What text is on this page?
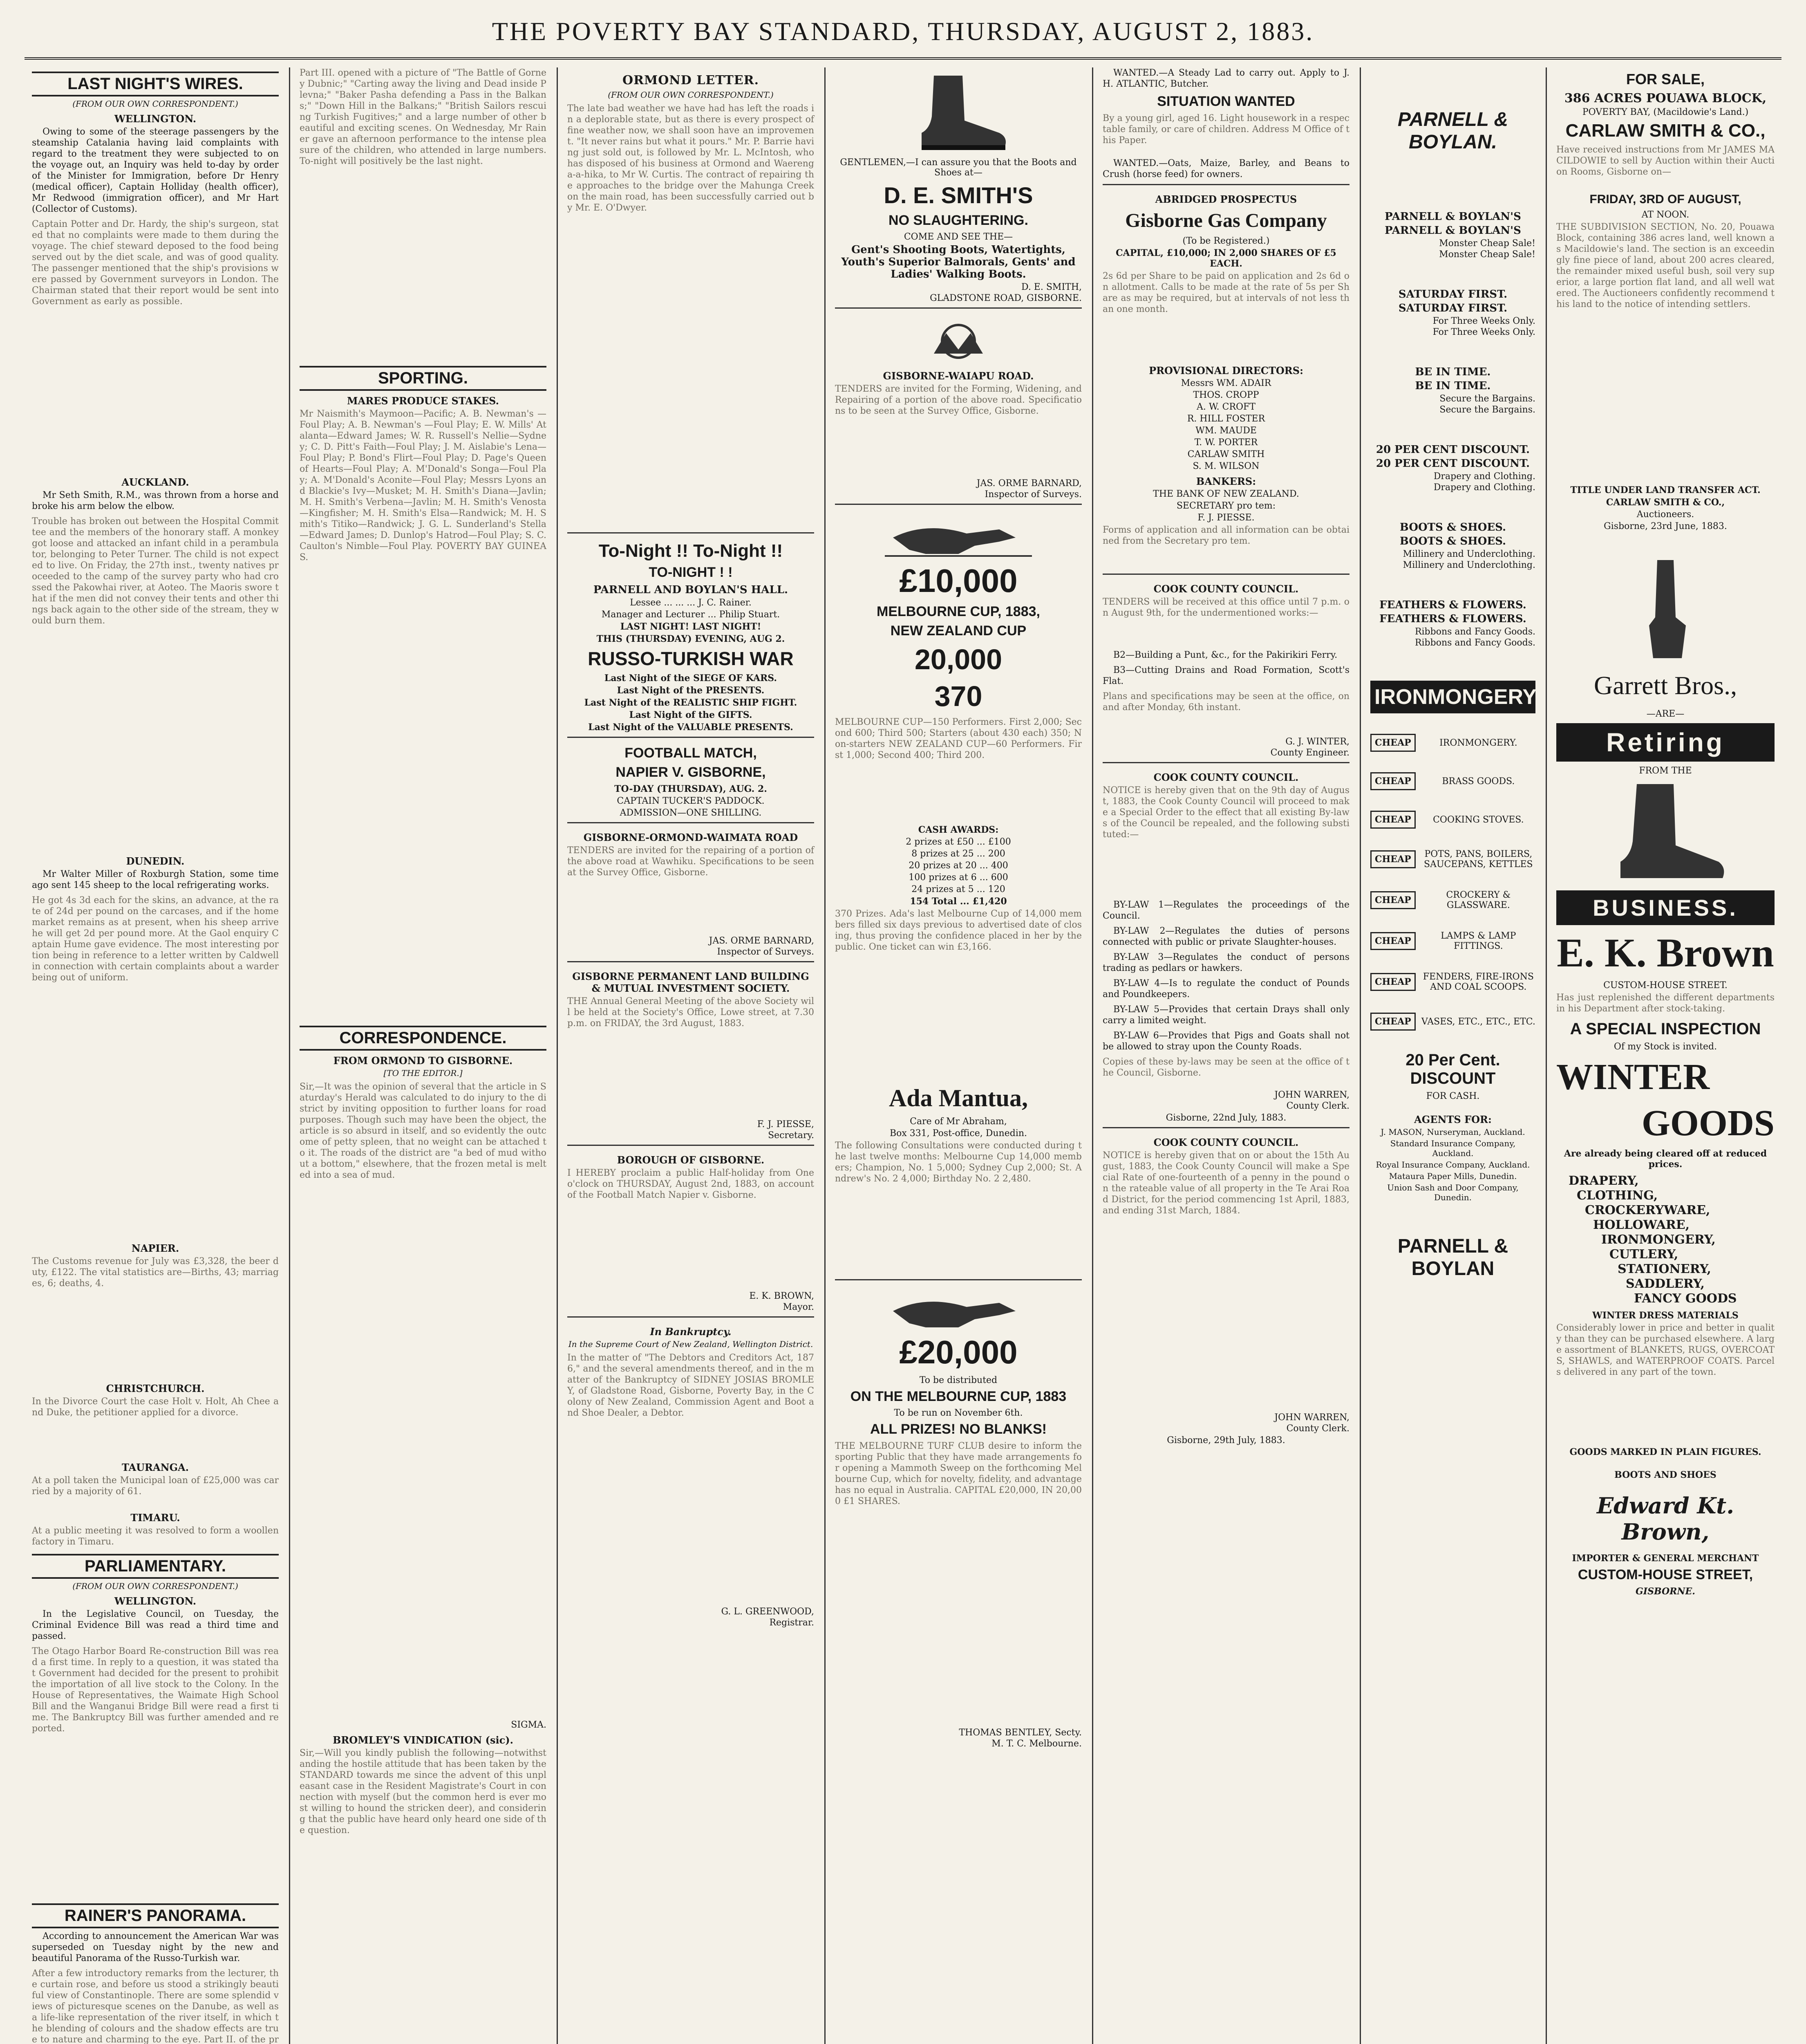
THE POVERTY BAY STANDARD, THURSDAY, AUGUST 2, 1883.
LAST NIGHT'S WIRES.
(FROM OUR OWN CORRESPONDENT.)
WELLINGTON.

Owing to some of the steerage passengers by the steamship Catalania having laid complaints with regard to the treatment they were subjected to on the voyage out, an Inquiry was held to-day by order of the Minister for Immigration, before Dr Henry (medical officer), Captain Holliday (health officer), Mr Redwood (immigration officer), and Mr Hart (Collector of Customs).

Captain Potter and Dr. Hardy, the ship's surgeon, stated that no complaints were made to them during the voyage. The chief steward deposed to the food being served out by the diet scale, and was of good quality. The passenger mentioned that the ship's provisions were passed by Government surveyors in London. The Chairman stated that their report would be sent into Government as early as possible.
AUCKLAND.

Mr Seth Smith, R.M., was thrown from a horse and broke his arm below the elbow.

Trouble has broken out between the Hospital Committee and the members of the honorary staff. A monkey got loose and attacked an infant child in a perambulator, belonging to Peter Turner. The child is not expected to live. On Friday, the 27th inst., twenty natives proceeded to the camp of the survey party who had crossed the Pakowhai river, at Aoteo. The Maoris swore that if the men did not convey their tents and other things back again to the other side of the stream, they would burn them.
DUNEDIN.

Mr Walter Miller of Roxburgh Station, some time ago sent 145 sheep to the local refrigerating works.

He got 4s 3d each for the skins, an advance, at the rate of 24d per pound on the carcases, and if the home market remains as at present, when his sheep arrive he will get 2d per pound more. At the Gaol enquiry Captain Hume gave evidence. The most interesting portion being in reference to a letter written by Caldwell in connection with certain complaints about a warder being out of uniform.
NAPIER.
The Customs revenue for July was £3,328, the beer duty, £122. The vital statistics are—Births, 43; marriages, 6; deaths, 4.
CHRISTCHURCH.
In the Divorce Court the case Holt v. Holt, Ah Chee and Duke, the petitioner applied for a divorce.
TAURANGA.
At a poll taken the Municipal loan of £25,000 was carried by a majority of 61.
TIMARU.
At a public meeting it was resolved to form a woollen factory in Timaru.
PARLIAMENTARY.
(FROM OUR OWN CORRESPONDENT.)
WELLINGTON.

In the Legislative Council, on Tuesday, the Criminal Evidence Bill was read a third time and passed.

The Otago Harbor Board Re-construction Bill was read a first time. In reply to a question, it was stated that Government had decided for the present to prohibit the importation of all live stock to the Colony. In the House of Representatives, the Waimate High School Bill and the Wanganui Bridge Bill were read a first time. The Bankruptcy Bill was further amended and reported.
RAINER'S PANORAMA.

According to announcement the American War was superseded on Tuesday night by the new and beautiful Panorama of the Russo-Turkish war.

After a few introductory remarks from the lecturer, the curtain rose, and before us stood a strikingly beautiful view of Constantinople. There are some splendid views of picturesque scenes on the Danube, as well as a life-like representation of the river itself, in which the blending of colours and the shadow effects are true to nature and charming to the eye. Part II. of the pr
Part III. opened with a picture of "The Battle of Gorney Dubnic;" "Carting away the living and Dead inside Plevna;" "Baker Pasha defending a Pass in the Balkans;" "Down Hill in the Balkans;" "British Sailors rescuing Turkish Fugitives;" and a large number of other beautiful and exciting scenes. On Wednesday, Mr Rainer gave an afternoon performance to the intense pleasure of the children, who attended in large numbers. To-night will positively be the last night.
SPORTING.
MARES PRODUCE STAKES.
Mr Naismith's Maymoon—Pacific; A. B. Newman's —Foul Play; A. B. Newman's —Foul Play; E. W. Mills' Atalanta—Edward James; W. R. Russell's Nellie—Sydney; C. D. Pitt's Faith—Foul Play; J. M. Aislabie's Lena—Foul Play; P. Bond's Flirt—Foul Play; D. Page's Queen of Hearts—Foul Play; A. M'Donald's Songa—Foul Play; A. M'Donald's Aconite—Foul Play; Messrs Lyons and Blackie's Ivy—Musket; M. H. Smith's Diana—Javlin; M. H. Smith's Verbena—Javlin; M. H. Smith's Venosta—Kingfisher; M. H. Smith's Elsa—Randwick; M. H. Smith's Titiko—Randwick; J. G. L. Sunderland's Stella—Edward James; D. Dunlop's Hatrod—Foul Play; S. C. Caulton's Nimble—Foul Play. POVERTY BAY GUINEAS.
CORRESPONDENCE.
FROM ORMOND TO GISBORNE.
[TO THE EDITOR.]
Sir,—It was the opinion of several that the article in Saturday's Herald was calculated to do injury to the district by inviting opposition to further loans for road purposes. Though such may have been the object, the article is so absurd in itself, and so evidently the outcome of petty spleen, that no weight can be attached to it. The roads of the district are "a bed of mud without a bottom," elsewhere, that the frozen metal is melted into a sea of mud.
SIGMA.
BROMLEY'S VINDICATION (sic).
Sir,—Will you kindly publish the following—notwithstanding the hostile attitude that has been taken by the STANDARD towards me since the advent of this unpleasant case in the Resident Magistrate's Court in connection with myself (but the common herd is ever most willing to hound the stricken deer), and considering that the public have heard only heard one side of the question.
ORMOND LETTER.
(FROM OUR OWN CORRESPONDENT.)
The late bad weather we have had has left the roads in a deplorable state, but as there is every prospect of fine weather now, we shall soon have an improvement. "It never rains but what it pours." Mr. P. Barrie having just sold out, is followed by Mr. L. McIntosh, who has disposed of his business at Ormond and Waerenga-a-hika, to Mr W. Curtis. The contract of repairing the approaches to the bridge over the Mahunga Creek on the main road, has been successfully carried out by Mr. E. O'Dwyer.
To-Night !! To-Night !!
TO-NIGHT ! !
PARNELL AND BOYLAN'S HALL.
Lessee ... ... ... J. C. Rainer.
Manager and Lecturer ... Philip Stuart.
LAST NIGHT! LAST NIGHT!
THIS (THURSDAY) EVENING, AUG 2.
RUSSO-TURKISH WAR
Last Night of the SIEGE OF KARS.
Last Night of the PRESENTS.
Last Night of the REALISTIC SHIP FIGHT.
Last Night of the GIFTS.
Last Night of the VALUABLE PRESENTS.
FOOTBALL MATCH,
NAPIER V. GISBORNE,
TO-DAY (THURSDAY), AUG. 2.
CAPTAIN TUCKER'S PADDOCK.
ADMISSION—ONE SHILLING.
GISBORNE-ORMOND-WAIMATA ROAD
TENDERS are invited for the repairing of a portion of the above road at Wawhiku. Specifications to be seen at the Survey Office, Gisborne.
JAS. ORME BARNARD,
Inspector of Surveys.
GISBORNE PERMANENT LAND BUILDING & MUTUAL INVESTMENT SOCIETY.
THE Annual General Meeting of the above Society will be held at the Society's Office, Lowe street, at 7.30 p.m. on FRIDAY, the 3rd August, 1883.
F. J. PIESSE,
Secretary.
BOROUGH OF GISBORNE.
I HEREBY proclaim a public Half-holiday from One o'clock on THURSDAY, August 2nd, 1883, on account of the Football Match Napier v. Gisborne.
E. K. BROWN,
Mayor.
In Bankruptcy.
In the Supreme Court of New Zealand, Wellington District.
In the matter of "The Debtors and Creditors Act, 1876," and the several amendments thereof, and in the matter of the Bankruptcy of SIDNEY JOSIAS BROMLEY, of Gladstone Road, Gisborne, Poverty Bay, in the Colony of New Zealand, Commission Agent and Boot and Shoe Dealer, a Debtor.
G. L. GREENWOOD,
Registrar.
GENTLEMEN,—I can assure you that the Boots and Shoes at—
D. E. SMITH'S
NO SLAUGHTERING.
COME AND SEE THE—
Gent's Shooting Boots, Watertights, Youth's Superior Balmorals, Gents' and Ladies' Walking Boots.
D. E. SMITH,
GLADSTONE ROAD, GISBORNE.
GISBORNE-WAIAPU ROAD.
TENDERS are invited for the Forming, Widening, and Repairing of a portion of the above road. Specifications to be seen at the Survey Office, Gisborne.
JAS. ORME BARNARD,
Inspector of Surveys.
£10,000
MELBOURNE CUP, 1883,
NEW ZEALAND CUP
20,000
370
MELBOURNE CUP—150 Performers. First 2,000; Second 600; Third 500; Starters (about 430 each) 350; Non-starters NEW ZEALAND CUP—60 Performers. First 1,000; Second 400; Third 200.
CASH AWARDS:
2 prizes at £50 ... £100
8 prizes at 25 ... 200
20 prizes at 20 ... 400
100 prizes at 6 ... 600
24 prizes at 5 ... 120
154 Total ... £1,420
370 Prizes. Ada's last Melbourne Cup of 14,000 members filled six days previous to advertised date of closing, thus proving the confidence placed in her by the public. One ticket can win £3,166.
Ada Mantua,
Care of Mr Abraham,
Box 331, Post-office, Dunedin.
The following Consultations were conducted during the last twelve months: Melbourne Cup 14,000 members; Champion, No. 1 5,000; Sydney Cup 2,000; St. Andrew's No. 2 4,000; Birthday No. 2 2,480.
£20,000
To be distributed
ON THE MELBOURNE CUP, 1883
To be run on November 6th.
ALL PRIZES! NO BLANKS!
THE MELBOURNE TURF CLUB desire to inform the sporting Public that they have made arrangements for opening a Mammoth Sweep on the forthcoming Melbourne Cup, which for novelty, fidelity, and advantage has no equal in Australia. CAPITAL £20,000, IN 20,000 £1 SHARES.
THOMAS BENTLEY, Secty.
M. T. C. Melbourne.

WANTED.—A Steady Lad to carry out. Apply to J. H. ATLANTIC, Butcher.

SITUATION WANTED
By a young girl, aged 16. Light housework in a respectable family, or care of children. Address M Office of this Paper.

WANTED.—Oats, Maize, Barley, and Beans to Crush (horse feed) for owners.

ABRIDGED PROSPECTUS
Gisborne Gas Company
(To be Registered.)
CAPITAL, £10,000; IN 2,000 SHARES OF £5 EACH.
2s 6d per Share to be paid on application and 2s 6d on allotment. Calls to be made at the rate of 5s per Share as may be required, but at intervals of not less than one month.
PROVISIONAL DIRECTORS:
Messrs WM. ADAIR
THOS. CROPP
A. W. CROFT
R. HILL FOSTER
WM. MAUDE
T. W. PORTER
CARLAW SMITH
S. M. WILSON
BANKERS:
THE BANK OF NEW ZEALAND.
SECRETARY pro tem:
F. J. PIESSE.
Forms of application and all information can be obtained from the Secretary pro tem.
COOK COUNTY COUNCIL.
TENDERS will be received at this office until 7 p.m. on August 9th, for the undermentioned works:—

B2—Building a Punt, &c., for the Pakirikiri Ferry.

B3—Cutting Drains and Road Formation, Scott's Flat.

Plans and specifications may be seen at the office, on and after Monday, 6th instant.
G. J. WINTER,
County Engineer.
COOK COUNTY COUNCIL.
NOTICE is hereby given that on the 9th day of August, 1883, the Cook County Council will proceed to make a Special Order to the effect that all existing By-laws of the Council be repealed, and the following substituted:—

BY-LAW 1—Regulates the proceedings of the Council.

BY-LAW 2—Regulates the duties of persons connected with public or private Slaughter-houses.

BY-LAW 3—Regulates the conduct of persons trading as pedlars or hawkers.

BY-LAW 4—Is to regulate the conduct of Pounds and Poundkeepers.

BY-LAW 5—Provides that certain Drays shall only carry a limited weight.

BY-LAW 6—Provides that Pigs and Goats shall not be allowed to stray upon the County Roads.

Copies of these by-laws may be seen at the office of the Council, Gisborne.
JOHN WARREN,
County Clerk.
Gisborne, 22nd July, 1883.
COOK COUNTY COUNCIL.
NOTICE is hereby given that on or about the 15th August, 1883, the Cook County Council will make a Special Rate of one-fourteenth of a penny in the pound on the rateable value of all property in the Te Arai Road District, for the period commencing 1st April, 1883, and ending 31st March, 1884.
JOHN WARREN,
County Clerk.
Gisborne, 29th July, 1883.
PARNELL & BOYLAN.
PARNELL & BOYLAN'S
PARNELL & BOYLAN'S
Monster Cheap Sale!
Monster Cheap Sale!
SATURDAY FIRST.
SATURDAY FIRST.
For Three Weeks Only.
For Three Weeks Only.
BE IN TIME.
BE IN TIME.
Secure the Bargains.
Secure the Bargains.
20 PER CENT DISCOUNT.
20 PER CENT DISCOUNT.
Drapery and Clothing.
Drapery and Clothing.
BOOTS & SHOES.
BOOTS & SHOES.
Millinery and Underclothing.
Millinery and Underclothing.
FEATHERS & FLOWERS.
FEATHERS & FLOWERS.
Ribbons and Fancy Goods.
Ribbons and Fancy Goods.
IRONMONGERY
CHEAP	IRONMONGERY.
CHEAP	BRASS GOODS.
CHEAP	COOKING STOVES.
CHEAP	POTS, PANS, BOILERS, SAUCEPANS, KETTLES
CHEAP	CROCKERY & GLASSWARE.
CHEAP	LAMPS & LAMP FITTINGS.
CHEAP	FENDERS, FIRE-IRONS AND COAL SCOOPS.
CHEAP	VASES, ETC., ETC., ETC.
20 Per Cent. DISCOUNT
FOR CASH.
AGENTS FOR:
J. MASON, Nurseryman, Auckland.
Standard Insurance Company, Auckland.
Royal Insurance Company, Auckland.
Mataura Paper Mills, Dunedin.
Union Sash and Door Company, Dunedin.
PARNELL & BOYLAN
FOR SALE,
386 ACRES POUAWA BLOCK,
POVERTY BAY, (Macildowie's Land.)
CARLAW SMITH & CO.,
Have received instructions from Mr JAMES MACILDOWIE to sell by Auction within their Auction Rooms, Gisborne on—
FRIDAY, 3RD OF AUGUST,
AT NOON.
THE SUBDIVISION SECTION, No. 20, Pouawa Block, containing 386 acres land, well known as Macildowie's land. The section is an exceedingly fine piece of land, about 200 acres cleared, the remainder mixed useful bush, soil very superior, a large portion flat land, and all well watered. The Auctioneers confidently recommend this land to the notice of intending settlers.
TITLE UNDER LAND TRANSFER ACT.
CARLAW SMITH & CO.,
Auctioneers.
Gisborne, 23rd June, 1883.
Garrett Bros.,
—ARE—
Retiring
FROM THE
BUSINESS.
E. K. Brown
CUSTOM-HOUSE STREET.
Has just replenished the different departments in his Department after stock-taking.
A SPECIAL INSPECTION
Of my Stock is invited.
WINTER
GOODS
Are already being cleared off at reduced prices.
DRAPERY,
CLOTHING,
CROCKERYWARE,
HOLLOWARE,
IRONMONGERY,
CUTLERY,
STATIONERY,
SADDLERY,
FANCY GOODS
WINTER DRESS MATERIALS
Considerably lower in price and better in quality than they can be purchased elsewhere. A large assortment of BLANKETS, RUGS, OVERCOATS, SHAWLS, and WATERPROOF COATS. Parcels delivered in any part of the town.
GOODS MARKED IN PLAIN FIGURES.
BOOTS AND SHOES
Edward Kt. Brown,
IMPORTER & GENERAL MERCHANT
CUSTOM-HOUSE STREET,
GISBORNE.
